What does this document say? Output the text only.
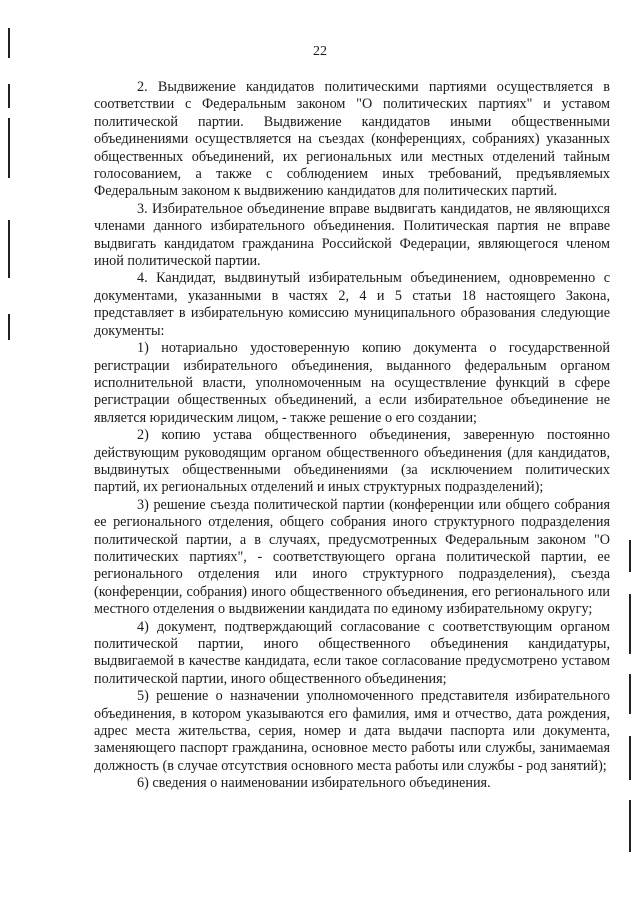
22

2. Выдвижение кандидатов политическими партиями осуществляется в соответствии с Федеральным законом "О политических партиях" и уставом политической партии. Выдвижение кандидатов иными общественными объединениями осуществляется на съездах (конференциях, собраниях) указанных общественных объединений, их региональных или местных отделений тайным голосованием, а также с соблюдением иных требований, предъявляемых Федеральным законом к выдвижению кандидатов для политических партий.

3. Избирательное объединение вправе выдвигать кандидатов, не являющихся членами данного избирательного объединения. Политическая партия не вправе выдвигать кандидатом гражданина Российской Федерации, являющегося членом иной политической партии.

4. Кандидат, выдвинутый избирательным объединением, одновременно с документами, указанными в частях 2, 4 и 5 статьи 18 настоящего Закона, представляет в избирательную комиссию муниципального образования следующие документы:

1) нотариально удостоверенную копию документа о государственной регистрации избирательного объединения, выданного федеральным органом исполнительной власти, уполномоченным на осуществление функций в сфере регистрации общественных объединений, а если избирательное объединение не является юридическим лицом, - также решение о его создании;

2) копию устава общественного объединения, заверенную постоянно действующим руководящим органом общественного объединения (для кандидатов, выдвинутых общественными объединениями (за исключением политических партий, их региональных отделений и иных структурных подразделений);

3) решение съезда политической партии (конференции или общего собрания ее регионального отделения, общего собрания иного структурного подразделения политической партии, а в случаях, предусмотренных Федеральным законом "О политических партиях", - соответствующего органа политической партии, ее регионального отделения или иного структурного подразделения), съезда (конференции, собрания) иного общественного объединения, его регионального или местного отделения о выдвижении кандидата по единому избирательному округу;

4) документ, подтверждающий согласование с соответствующим органом политической партии, иного общественного объединения кандидатуры, выдвигаемой в качестве кандидата, если такое согласование предусмотрено уставом политической партии, иного общественного объединения;

5) решение о назначении уполномоченного представителя избирательного объединения, в котором указываются его фамилия, имя и отчество, дата рождения, адрес места жительства, серия, номер и дата выдачи паспорта или документа, заменяющего паспорт гражданина, основное место работы или службы, занимаемая должность (в случае отсутствия основного места работы или службы - род занятий);

6) сведения о наименовании избирательного объединения.
